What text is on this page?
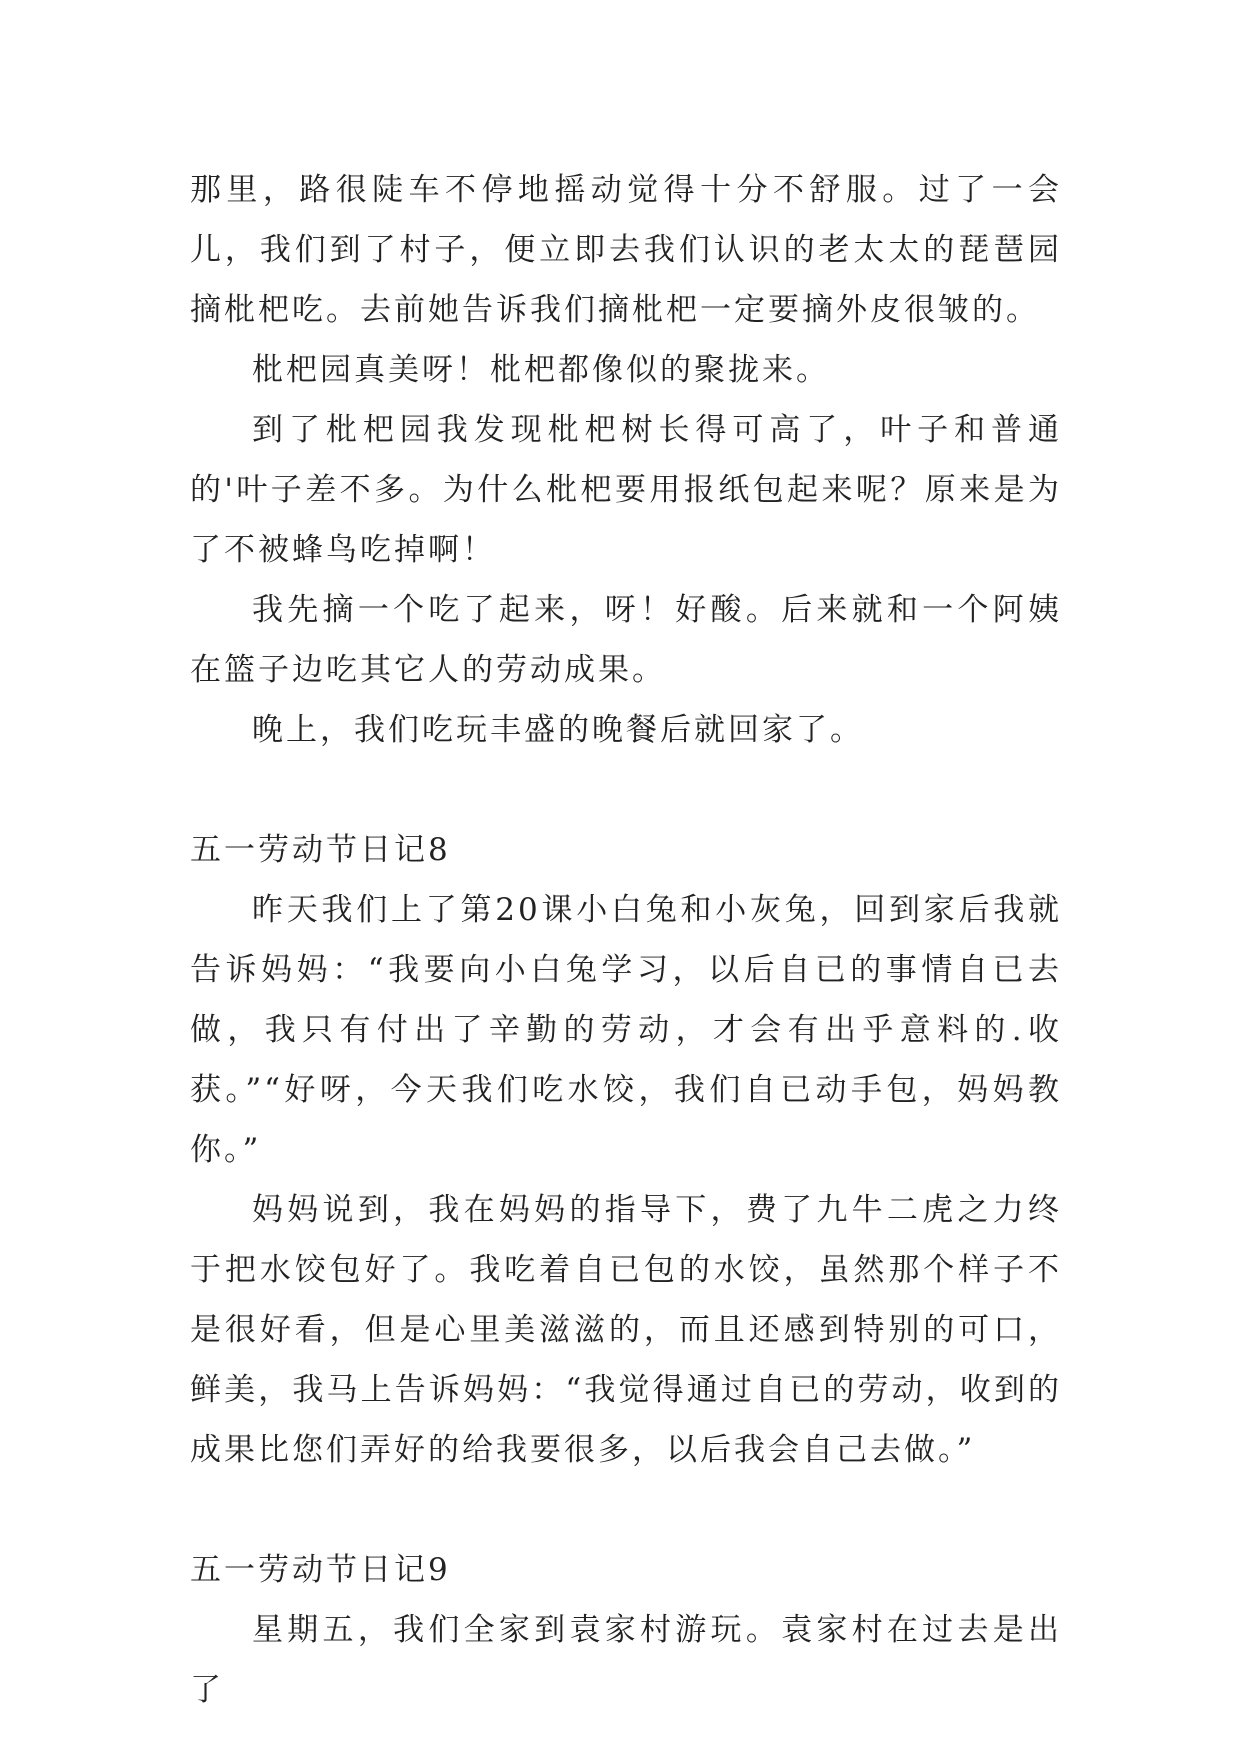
那里，路很陡车不停地摇动觉得十分不舒服。过了一会儿，我们到了村子，便立即去我们认识的老太太的琵琶园摘枇杷吃。去前她告诉我们摘枇杷一定要摘外皮很皱的。

枇杷园真美呀！枇杷都像似的聚拢来。

到了枇杷园我发现枇杷树长得可高了，叶子和普通的'叶子差不多。为什么枇杷要用报纸包起来呢？原来是为了不被蜂鸟吃掉啊！

我先摘一个吃了起来，呀！好酸。后来就和一个阿姨在篮子边吃其它人的劳动成果。

晚上，我们吃玩丰盛的晚餐后就回家了。

五一劳动节日记8

昨天我们上了第20课小白兔和小灰兔，回到家后我就告诉妈妈：“我要向小白兔学习，以后自已的事情自已去做，我只有付出了辛勤的劳动，才会有出乎意料的.收获。”“好呀，今天我们吃水饺，我们自已动手包，妈妈教你。”

妈妈说到，我在妈妈的指导下，费了九牛二虎之力终于把水饺包好了。我吃着自已包的水饺，虽然那个样子不是很好看，但是心里美滋滋的，而且还感到特别的可口，鲜美，我马上告诉妈妈：“我觉得通过自已的劳动，收到的成果比您们弄好的给我要很多，以后我会自己去做。”

五一劳动节日记9

星期五，我们全家到袁家村游玩。袁家村在过去是出了
